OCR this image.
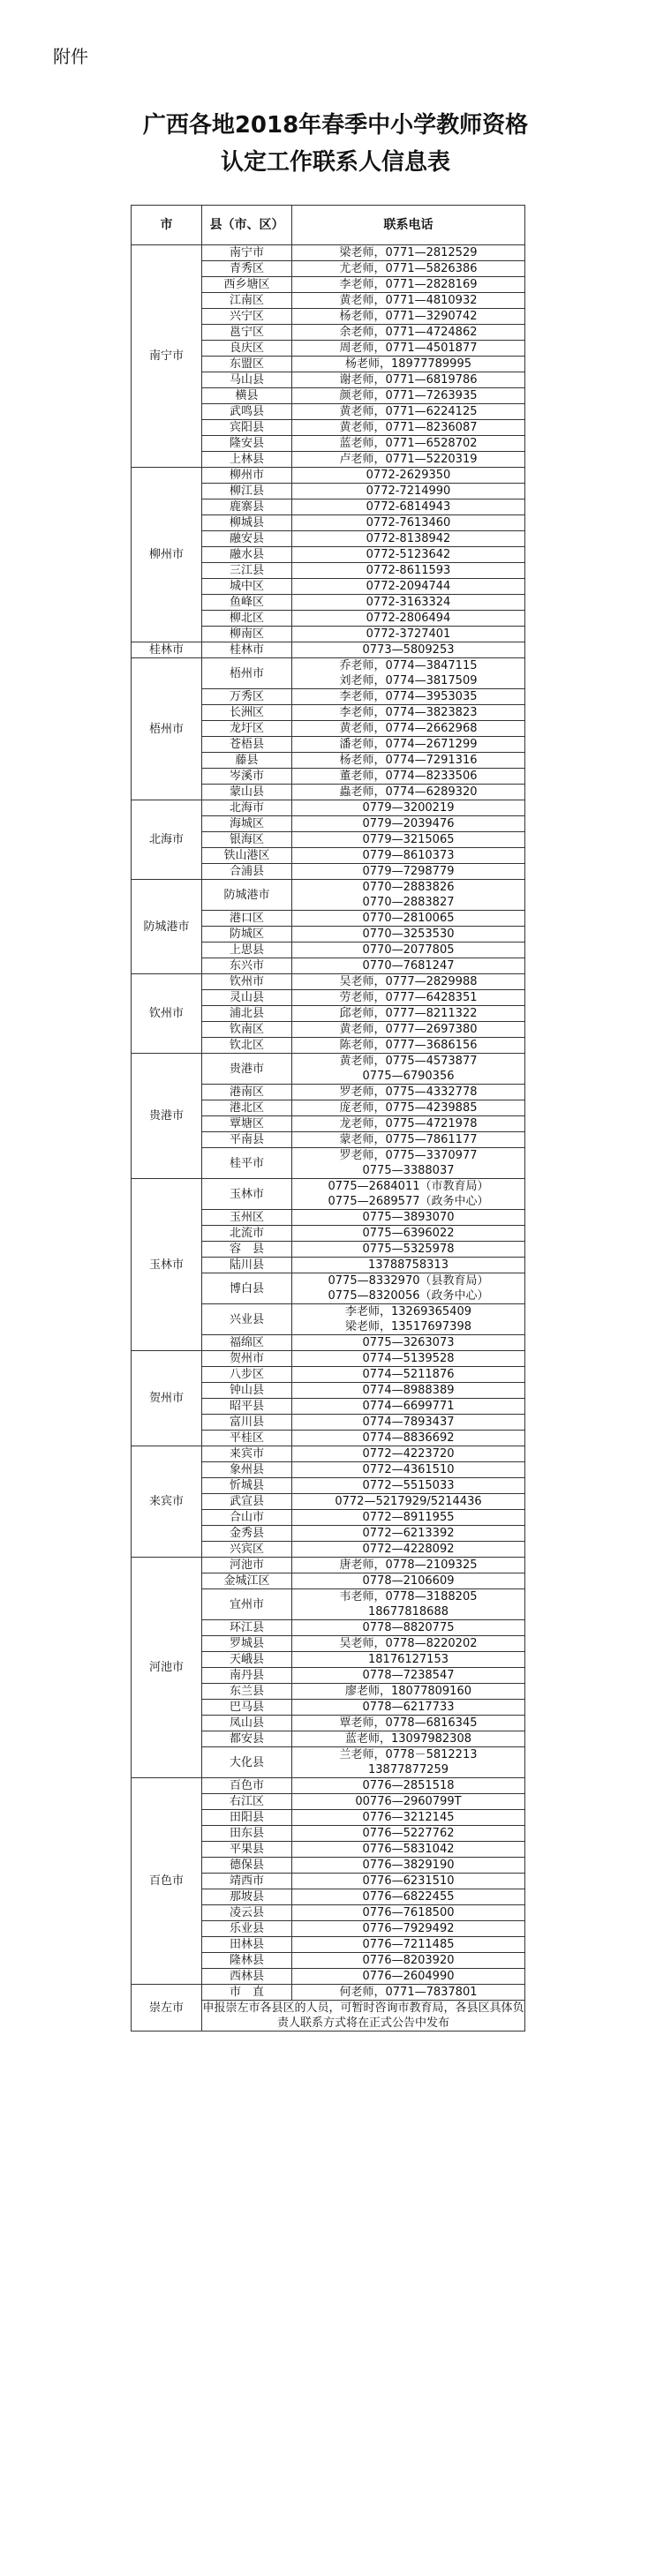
附件
广西各地2018年春季中小学教师资格
认定工作联系人信息表
市	县（市、区）	联系电话
南宁市	南宁市	梁老师，0771—2812529

	青秀区	尤老师，0771—5826386

	西乡塘区	李老师，0771—2828169

	江南区	黄老师，0771—4810932

	兴宁区	杨老师，0771—3290742

	邕宁区	余老师，0771—4724862

	良庆区	周老师，0771—4501877

	东盟区	杨老师，18977789995

	马山县	谢老师，0771—6819786

	横县	颜老师，0771—7263935

	武鸣县	黄老师，0771—6224125

	宾阳县	黄老师，0771—8236087

	隆安县	蓝老师，0771—6528702

	上林县	卢老师，0771—5220319

柳州市	柳州市	0772-2629350

	柳江县	0772-7214990

	鹿寨县	0772-6814943

	柳城县	0772-7613460

	融安县	0772-8138942

	融水县	0772-5123642

	三江县	0772-8611593

	城中区	0772-2094744

	鱼峰区	0772-3163324

	柳北区	0772-2806494

	柳南区	0772-3727401

桂林市	桂林市	0773—5809253

梧州市	梧州市	乔老师，0774—3847115
刘老师，0774—3817509

	万秀区	李老师，0774—3953035

	长洲区	李老师，0774—3823823

	龙圩区	黄老师，0774—2662968

	苍梧县	潘老师，0774—2671299

	藤县	杨老师，0774—7291316

	岑溪市	董老师，0774—8233506

	蒙山县	蟲老师，0774—6289320

北海市	北海市	0779—3200219

	海城区	0779—2039476

	银海区	0779—3215065

	铁山港区	0779—8610373

	合浦县	0779—7298779

防城港市	防城港市	0770—2883826
0770—2883827

	港口区	0770—2810065

	防城区	0770—3253530

	上思县	0770—2077805

	东兴市	0770—7681247

钦州市	钦州市	吴老师，0777—2829988

	灵山县	劳老师，0777—6428351

	浦北县	邱老师，0777—8211322

	钦南区	黄老师，0777—2697380

	钦北区	陈老师，0777—3686156

贵港市	贵港市	黄老师，0775—4573877
0775—6790356

	港南区	罗老师，0775—4332778

	港北区	庞老师，0775—4239885

	覃塘区	龙老师，0775—4721978

	平南县	蒙老师，0775—7861177

	桂平市	罗老师，0775—3370977
0775—3388037

玉林市	玉林市	0775—2684011（市教育局）
0775—2689577（政务中心）

	玉州区	0775—3893070

	北流市	0775—6396022

	容　县	0775—5325978

	陆川县	13788758313

	博白县	0775—8332970（县教育局）
0775—8320056（政务中心）

	兴业县	李老师，13269365409
梁老师，13517697398

	福绵区	0775—3263073

贺州市	贺州市	0774—5139528

	八步区	0774—5211876

	钟山县	0774—8988389

	昭平县	0774—6699771

	富川县	0774—7893437

	平桂区	0774—8836692

来宾市	来宾市	0772—4223720

	象州县	0772—4361510

	忻城县	0772—5515033

	武宣县	0772—5217929/5214436

	合山市	0772—8911955

	金秀县	0772—6213392

	兴宾区	0772—4228092

河池市	河池市	唐老师，0778—2109325

	金城江区	0778—2106609

	宜州市	韦老师，0778—3188205
18677818688

	环江县	0778—8820775

	罗城县	吴老师，0778—8220202

	天峨县	18176127153

	南丹县	0778—7238547

	东兰县	廖老师，18077809160

	巴马县	0778—6217733

	凤山县	覃老师，0778—6816345

	都安县	蓝老师，13097982308

	大化县	兰老师，0778－5812213
13877877259

百色市	百色市	0776—2851518

	右江区	00776—2960799T

	田阳县	0776—3212145

	田东县	0776—5227762

	平果县	0776—5831042

	德保县	0776—3829190

	靖西市	0776—6231510

	那坡县	0776—6822455

	凌云县	0776—7618500

	乐业县	0776—7929492

	田林县	0776—7211485

	隆林县	0776—8203920

	西林县	0776—2604990

崇左市	市　直	何老师，0771—7837801
	申报崇左市各县区的人员，可暂时咨询市教育局，各县区具体负责人联系方式将在正式公告中发布	
